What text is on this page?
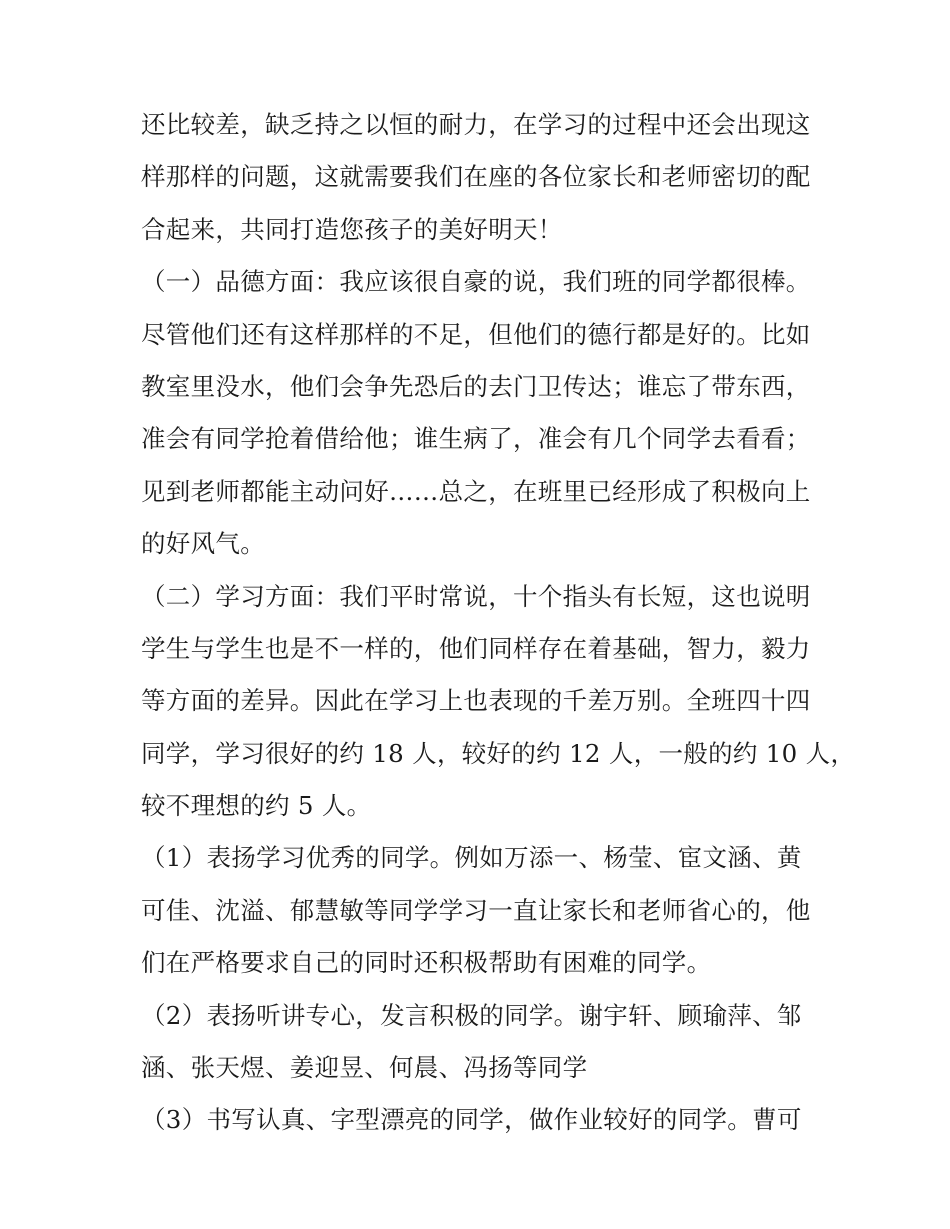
还比较差，缺乏持之以恒的耐力，在学习的过程中还会出现这
样那样的问题，这就需要我们在座的各位家长和老师密切的配
合起来，共同打造您孩子的美好明天！
（一）品德方面：我应该很自豪的说，我们班的同学都很棒。
尽管他们还有这样那样的不足，但他们的德行都是好的。比如
教室里没水，他们会争先恐后的去门卫传达；谁忘了带东西，
准会有同学抢着借给他；谁生病了，准会有几个同学去看看；
见到老师都能主动问好……总之，在班里已经形成了积极向上
的好风气。
（二）学习方面：我们平时常说，十个指头有长短，这也说明
学生与学生也是不一样的，他们同样存在着基础，智力，毅力
等方面的差异。因此在学习上也表现的千差万别。全班四十四
同学，学习很好的约 18 人，较好的约 12 人，一般的约 10 人，
较不理想的约 5 人。
（1）表扬学习优秀的同学。例如万添一、杨莹、宦文涵、黄
可佳、沈溢、郁慧敏等同学学习一直让家长和老师省心的，他
们在严格要求自己的同时还积极帮助有困难的同学。
（2）表扬听讲专心，发言积极的同学。谢宇轩、顾瑜萍、邹
涵、张天煜、姜迎昱、何晨、冯扬等同学
（3）书写认真、字型漂亮的同学，做作业较好的同学。曹可
